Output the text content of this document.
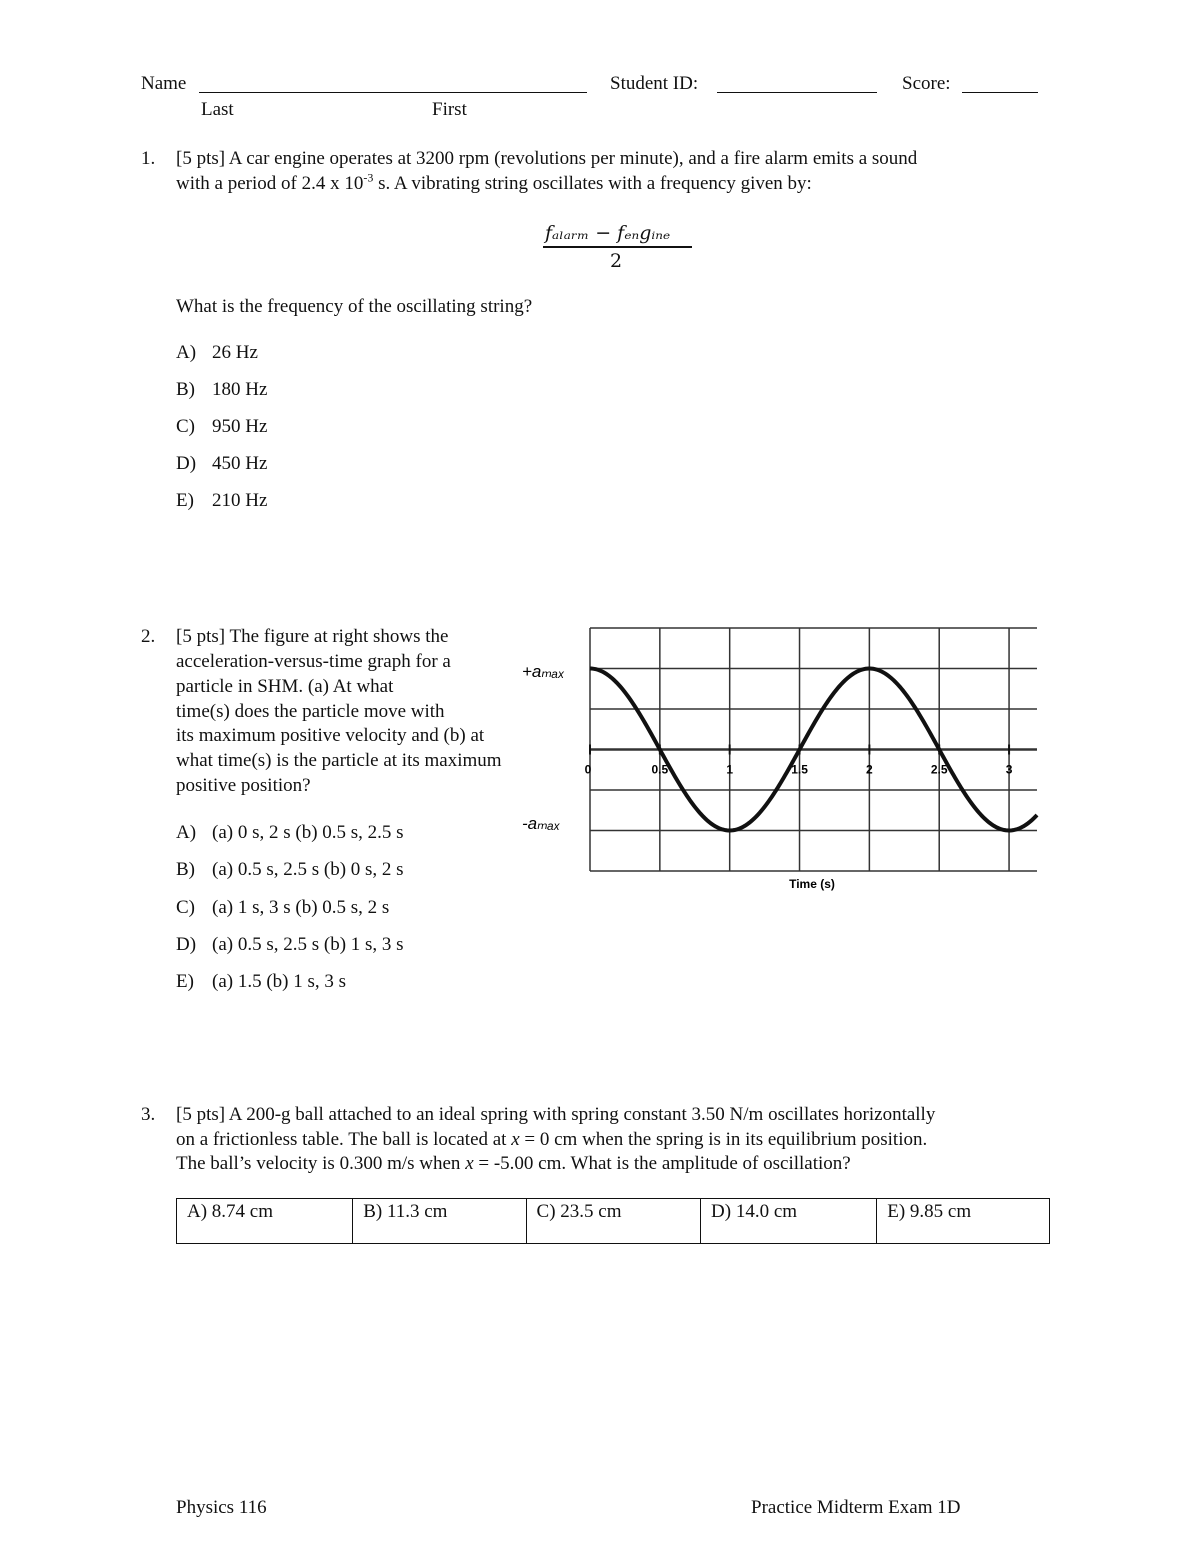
Name
Last	First
Student ID:	Score:
1. [5 pts] A car engine operates at 3200 rpm (revolutions per minute), and a fire alarm emits a sound
with a period of 2.4 x $10^{-3}$ s. A vibrating string oscillates with a frequency given by:
fₐₗₐᵣₘ − fₑₙgᵢₙₑ
2
What is the frequency of the oscillating string?
A) 26 Hz
B) 180 Hz
C) 950 Hz
D) 450 Hz
E) 210 Hz
2. [5 pts] The figure at right shows the
acceleration-versus-time graph for a
particle in SHM. (a) At what
time(s) does the particle move with
its maximum positive velocity and (b) at
what time(s) is the particle at its maximum
positive position?
A) (a) 0 s, 2 s (b) 0.5 s, 2.5 s
B) (a) 0.5 s, 2.5 s (b) 0 s, 2 s
C) (a) 1 s, 3 s (b) 0.5 s, 2 s
D) (a) 0.5 s, 2.5 s (b) 1 s, 3 s
E) (a) 1.5 (b) 1 s, 3 s
0	0.5	1	1.5	2	2.5	3
+aₘₐₓ
-aₘₐₓ
Time (s)
3. [5 pts] A 200-g ball attached to an ideal spring with spring constant 3.50 N/m oscillates horizontally
on a frictionless table. The ball is located at x = 0 cm when the spring is in its equilibrium position.
The ball’s velocity is 0.300 m/s when x = -5.00 cm. What is the amplitude of oscillation?
A) 8.74 cm	B) 11.3 cm	C) 23.5 cm	D) 14.0 cm	E) 9.85 cm
Physics 116	Practice Midterm Exam 1D
